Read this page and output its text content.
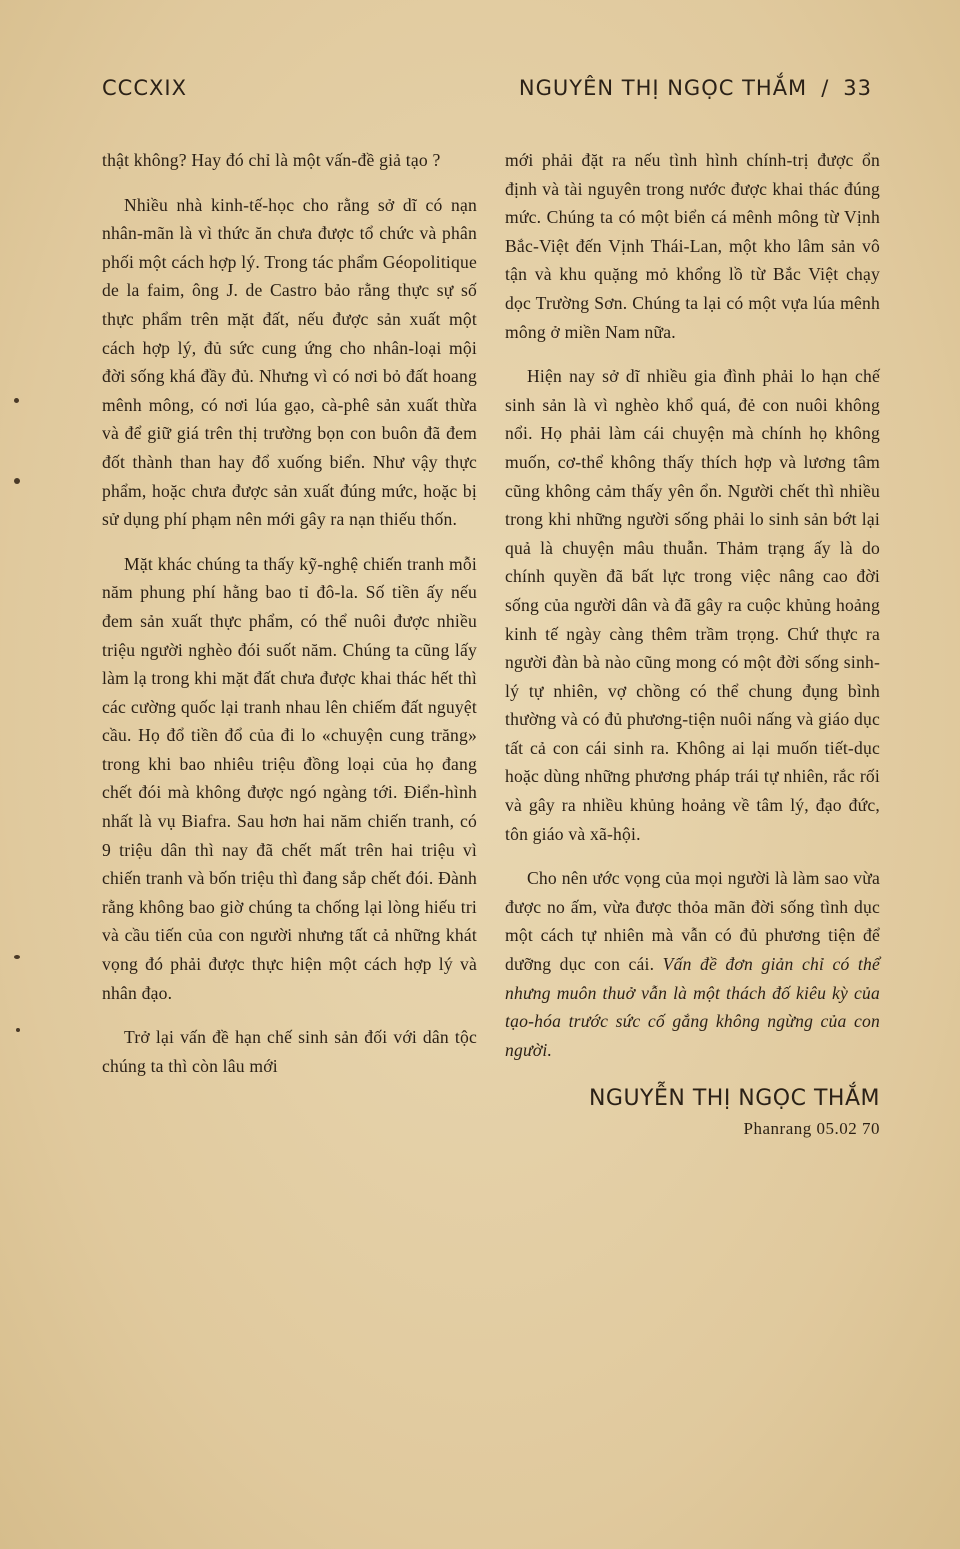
CCCXIX	NGUYÊN THỊ NGỌC THẮM / 33

thật không? Hay đó chỉ là một vấn-đề giả tạo ?

Nhiều nhà kinh-tế-học cho rằng sở dĩ có nạn nhân-mãn là vì thức ăn chưa được tổ chức và phân phối một cách hợp lý. Trong tác phẩm Géopolitique de la faim, ông J. de Castro bảo rằng thực sự số thực phẩm trên mặt đất, nếu được sản xuất một cách hợp lý, đủ sức cung ứng cho nhân-loại mội đời sống khá đầy đủ. Nhưng vì có nơi bỏ đất hoang mênh mông, có nơi lúa gạo, cà-phê sản xuất thừa và để giữ giá trên thị trường bọn con buôn đã đem đốt thành than hay đổ xuống biển. Như vậy thực phẩm, hoặc chưa được sản xuất đúng mức, hoặc bị sử dụng phí phạm nên mới gây ra nạn thiếu thốn.

Mặt khác chúng ta thấy kỹ-nghệ chiến tranh mỗi năm phung phí hằng bao tỉ đô-la. Số tiền ấy nếu đem sản xuất thực phẩm, có thể nuôi được nhiều triệu người nghèo đói suốt năm. Chúng ta cũng lấy làm lạ trong khi mặt đất chưa được khai thác hết thì các cường quốc lại tranh nhau lên chiếm đất nguyệt cầu. Họ đổ tiền đổ của đi lo «chuyện cung trăng» trong khi bao nhiêu triệu đồng loại của họ đang chết đói mà không được ngó ngàng tới. Điển-hình nhất là vụ Biafra. Sau hơn hai năm chiến tranh, có 9 triệu dân thì nay đã chết mất trên hai triệu vì chiến tranh và bốn triệu thì đang sắp chết đói. Đành rằng không bao giờ chúng ta chống lại lòng hiếu tri và cầu tiến của con người nhưng tất cả những khát vọng đó phải được thực hiện một cách hợp lý và nhân đạo.

Trở lại vấn đề hạn chế sinh sản đối với dân tộc chúng ta thì còn lâu mới

mới phải đặt ra nếu tình hình chính-trị được ổn định và tài nguyên trong nước được khai thác đúng mức. Chúng ta có một biển cá mênh mông từ Vịnh Bắc-Việt đến Vịnh Thái-Lan, một kho lâm sản vô tận và khu quặng mỏ khổng lồ từ Bắc Việt chạy dọc Trường Sơn. Chúng ta lại có một vựa lúa mênh mông ở miền Nam nữa.

Hiện nay sở dĩ nhiều gia đình phải lo hạn chế sinh sản là vì nghèo khổ quá, đẻ con nuôi không nổi. Họ phải làm cái chuyện mà chính họ không muốn, cơ-thể không thấy thích hợp và lương tâm cũng không cảm thấy yên ổn. Người chết thì nhiều trong khi những người sống phải lo sinh sản bớt lại quả là chuyện mâu thuẫn. Thảm trạng ấy là do chính quyền đã bất lực trong việc nâng cao đời sống của người dân và đã gây ra cuộc khủng hoảng kinh tế ngày càng thêm trầm trọng. Chứ thực ra người đàn bà nào cũng mong có một đời sống sinh-lý tự nhiên, vợ chồng có thể chung đụng bình thường và có đủ phương-tiện nuôi nấng và giáo dục tất cả con cái sinh ra. Không ai lại muốn tiết-dục hoặc dùng những phương pháp trái tự nhiên, rắc rối và gây ra nhiều khủng hoảng về tâm lý, đạo đức, tôn giáo và xã-hội.

Cho nên ước vọng của mọi người là làm sao vừa được no ấm, vừa được thỏa mãn đời sống tình dục một cách tự nhiên mà vẫn có đủ phương tiện để dưỡng dục con cái. Vấn đề đơn giản chỉ có thể nhưng muôn thuở vẫn là một thách đố kiêu kỳ của tạo-hóa trước sức cố gắng không ngừng của con người.

NGUYỄN THỊ NGỌC THẮM
Phanrang 05.02 70
